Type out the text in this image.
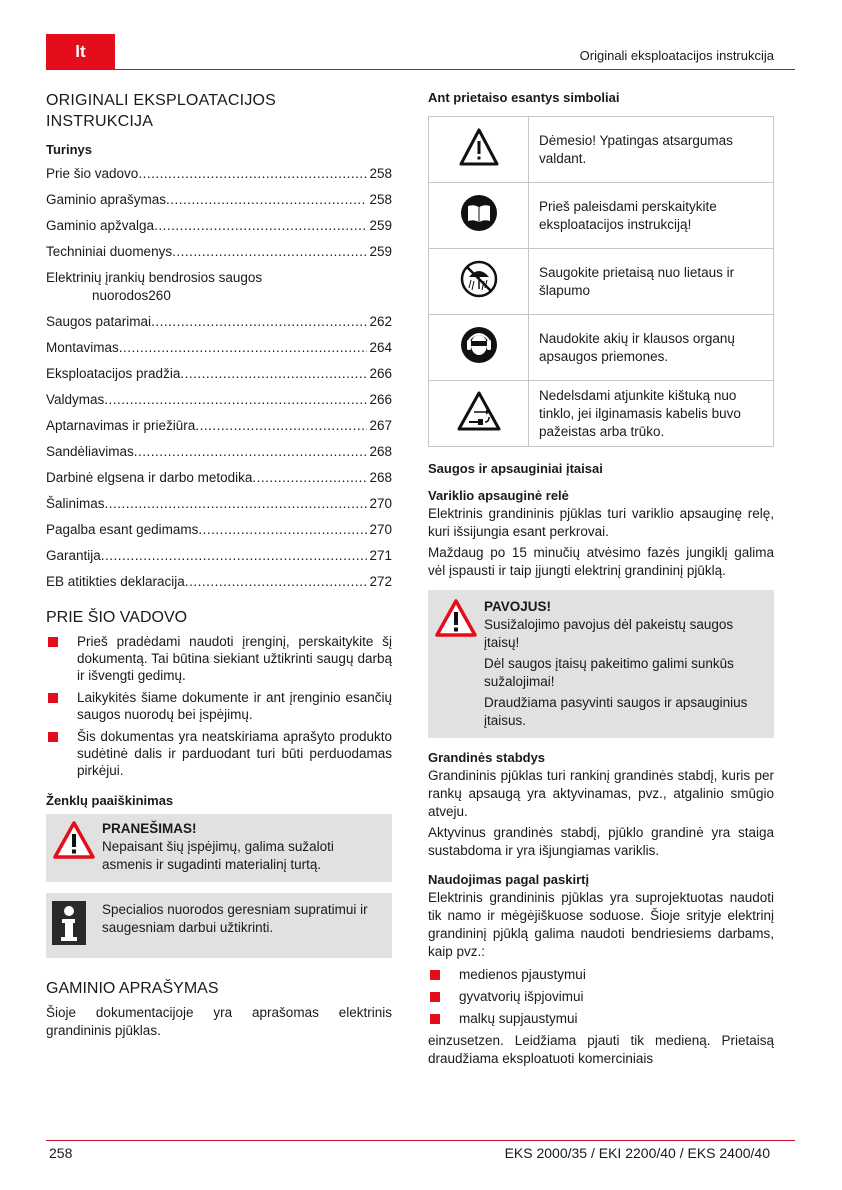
lt	Originali eksploatacijos instrukcija
ORIGINALI EKSPLOATACIJOS INSTRUKCIJA
Turinys
Prie šio vadovo .....	258
Gaminio aprašymas .....	258
Gaminio apžvalga .....	259
Techniniai duomenys .....	259
Elektrinių įrankių bendrosios saugos
nuorodos 260
Saugos patarimai .....	262
Montavimas .....	264
Eksploatacijos pradžia .....	266
Valdymas .....	266
Aptarnavimas ir priežiūra .....	267
Sandėliavimas .....	268
Darbinė elgsena ir darbo metodika .....	268
Šalinimas .....	270
Pagalba esant gedimams .....	270
Garantija .....	271
EB atitikties deklaracija .....	272
PRIE ŠIO VADOVO
Prieš pradėdami naudoti įrenginį, perskaitykite šį dokumentą. Tai būtina siekiant užtikrinti saugų darbą ir išvengti gedimų.
Laikykitės šiame dokumente ir ant įrenginio esančių saugos nuorodų bei įspėjimų.
Šis dokumentas yra neatskiriama aprašyto produkto sudėtinė dalis ir parduodant turi būti perduodamas pirkėjui.
Ženklų paaiškinimas
PRANEŠIMAS!
Nepaisant šių įspėjimų, galima sužaloti asmenis ir sugadinti materialinį turtą.
Specialios nuorodos geresniam supratimui ir saugesniam darbui užtikrinti.
GAMINIO APRAŠYMAS

Šioje dokumentacijoje yra aprašomas elektrinis grandininis pjūklas.

Ant prietaiso esantys simboliai
	Dėmesio! Ypatingas atsargumas valdant.
	Prieš paleisdami perskaitykite eksploatacijos instrukciją!
	Saugokite prietaisą nuo lietaus ir šlapumo
	Naudokite akių ir klausos organų apsaugos priemones.
	Nedelsdami atjunkite kištuką nuo tinklo, jei ilginamasis kabelis buvo pažeistas arba trūko.
Saugos ir apsauginiai įtaisai
Variklio apsauginė relė

Elektrinis grandininis pjūklas turi variklio apsauginę relę, kuri išsijungia esant perkrovai.

Maždaug po 15 minučių atvėsimo fazės jungiklį galima vėl įspausti ir taip įjungti elektrinį grandininį pjūklą.

PAVOJUS!
Susižalojimo pavojus dėl pakeistų saugos įtaisų!
Dėl saugos įtaisų pakeitimo galimi sunkūs sužalojimai!
Draudžiama pasyvinti saugos ir apsauginius įtaisus.
Grandinės stabdys

Grandininis pjūklas turi rankinį grandinės stabdį, kuris per rankų apsaugą yra aktyvinamas, pvz., atgalinio smūgio atveju.

Aktyvinus grandinės stabdį, pjūklo grandinė yra staiga sustabdoma ir yra išjungiamas variklis.

Naudojimas pagal paskirtį

Elektrinis grandininis pjūklas yra suprojektuotas naudoti tik namo ir mėgėjiškuose soduose. Šioje srityje elektrinį grandininį pjūklą galima naudoti bendriesiems darbams, kaip pvz.:

medienos pjaustymui
gyvatvorių išpjovimui
malkų supjaustymui

einzusetzen. Leidžiama pjauti tik medieną. Prietaisą draudžiama eksploatuoti komerciniais

258	EKS 2000/35 / EKI 2200/40 / EKS 2400/40
